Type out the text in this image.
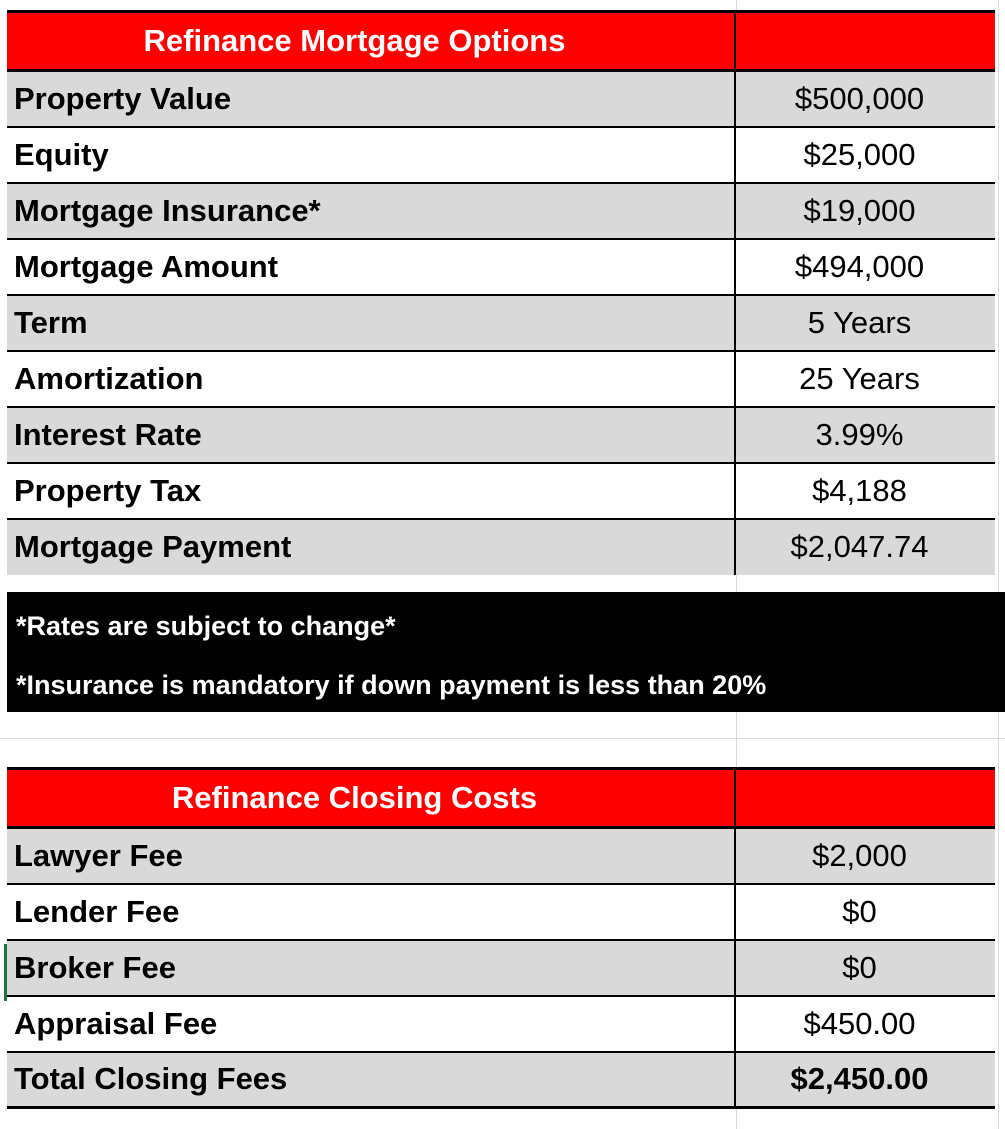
Refinance Mortgage Options	
Property Value	$500,000
Equity	$25,000
Mortgage Insurance*	$19,000
Mortgage Amount	$494,000
Term	5 Years
Amortization	25 Years
Interest Rate	3.99%
Property Tax	$4,188
Mortgage Payment	$2,047.74
*Rates are subject to change*
*Insurance is mandatory if down payment is less than 20%
Refinance Closing Costs	
Lawyer Fee	$2,000
Lender Fee	$0
Broker Fee	$0
Appraisal Fee	$450.00
Total Closing Fees	$2,450.00
